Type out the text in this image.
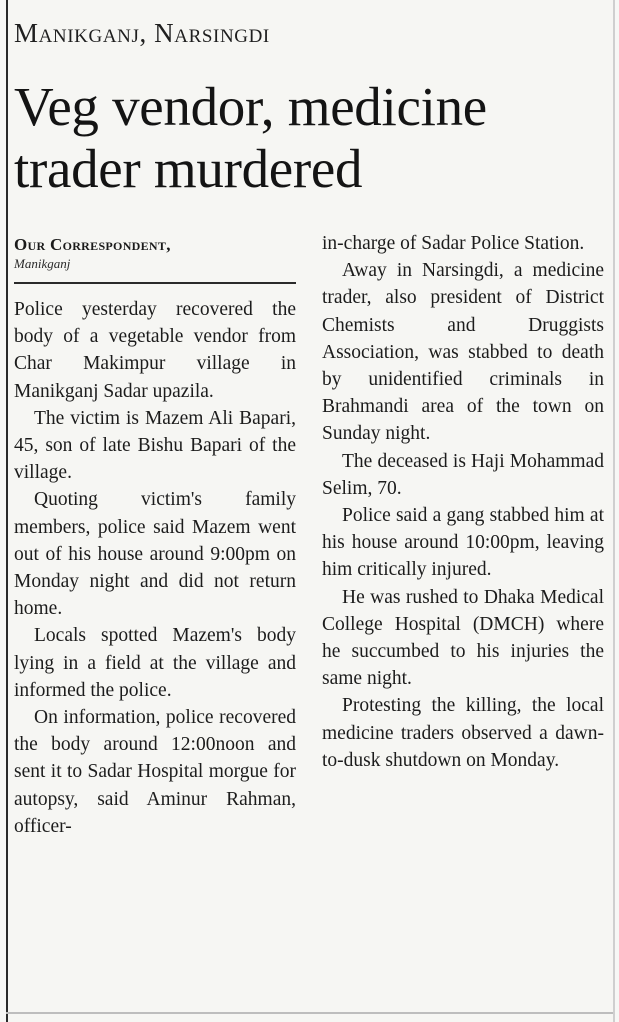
Manikganj, Narsingdi
Veg vendor, medicine trader murdered
Our Correspondent,
Manikganj

Police yesterday recovered the body of a vegetable vendor from Char Makimpur village in Manikganj Sadar upazila.

The victim is Mazem Ali Bapari, 45, son of late Bishu Bapari of the village.

Quoting victim's family members, police said Mazem went out of his house around 9:00pm on Monday night and did not return home.

Locals spotted Mazem's body lying in a field at the village and informed the police.

On information, police recovered the body around 12:00noon and sent it to Sadar Hospital morgue for autopsy, said Aminur Rahman, officer-

in-charge of Sadar Police Station.

Away in Narsingdi, a medicine trader, also president of District Chemists and Druggists Association, was stabbed to death by unidentified criminals in Brahmandi area of the town on Sunday night.

The deceased is Haji Mohammad Selim, 70.

Police said a gang stabbed him at his house around 10:00pm, leaving him critically injured.

He was rushed to Dhaka Medical College Hospital (DMCH) where he succumbed to his injuries the same night.

Protesting the killing, the local medicine traders observed a dawn-to-dusk shutdown on Monday.
